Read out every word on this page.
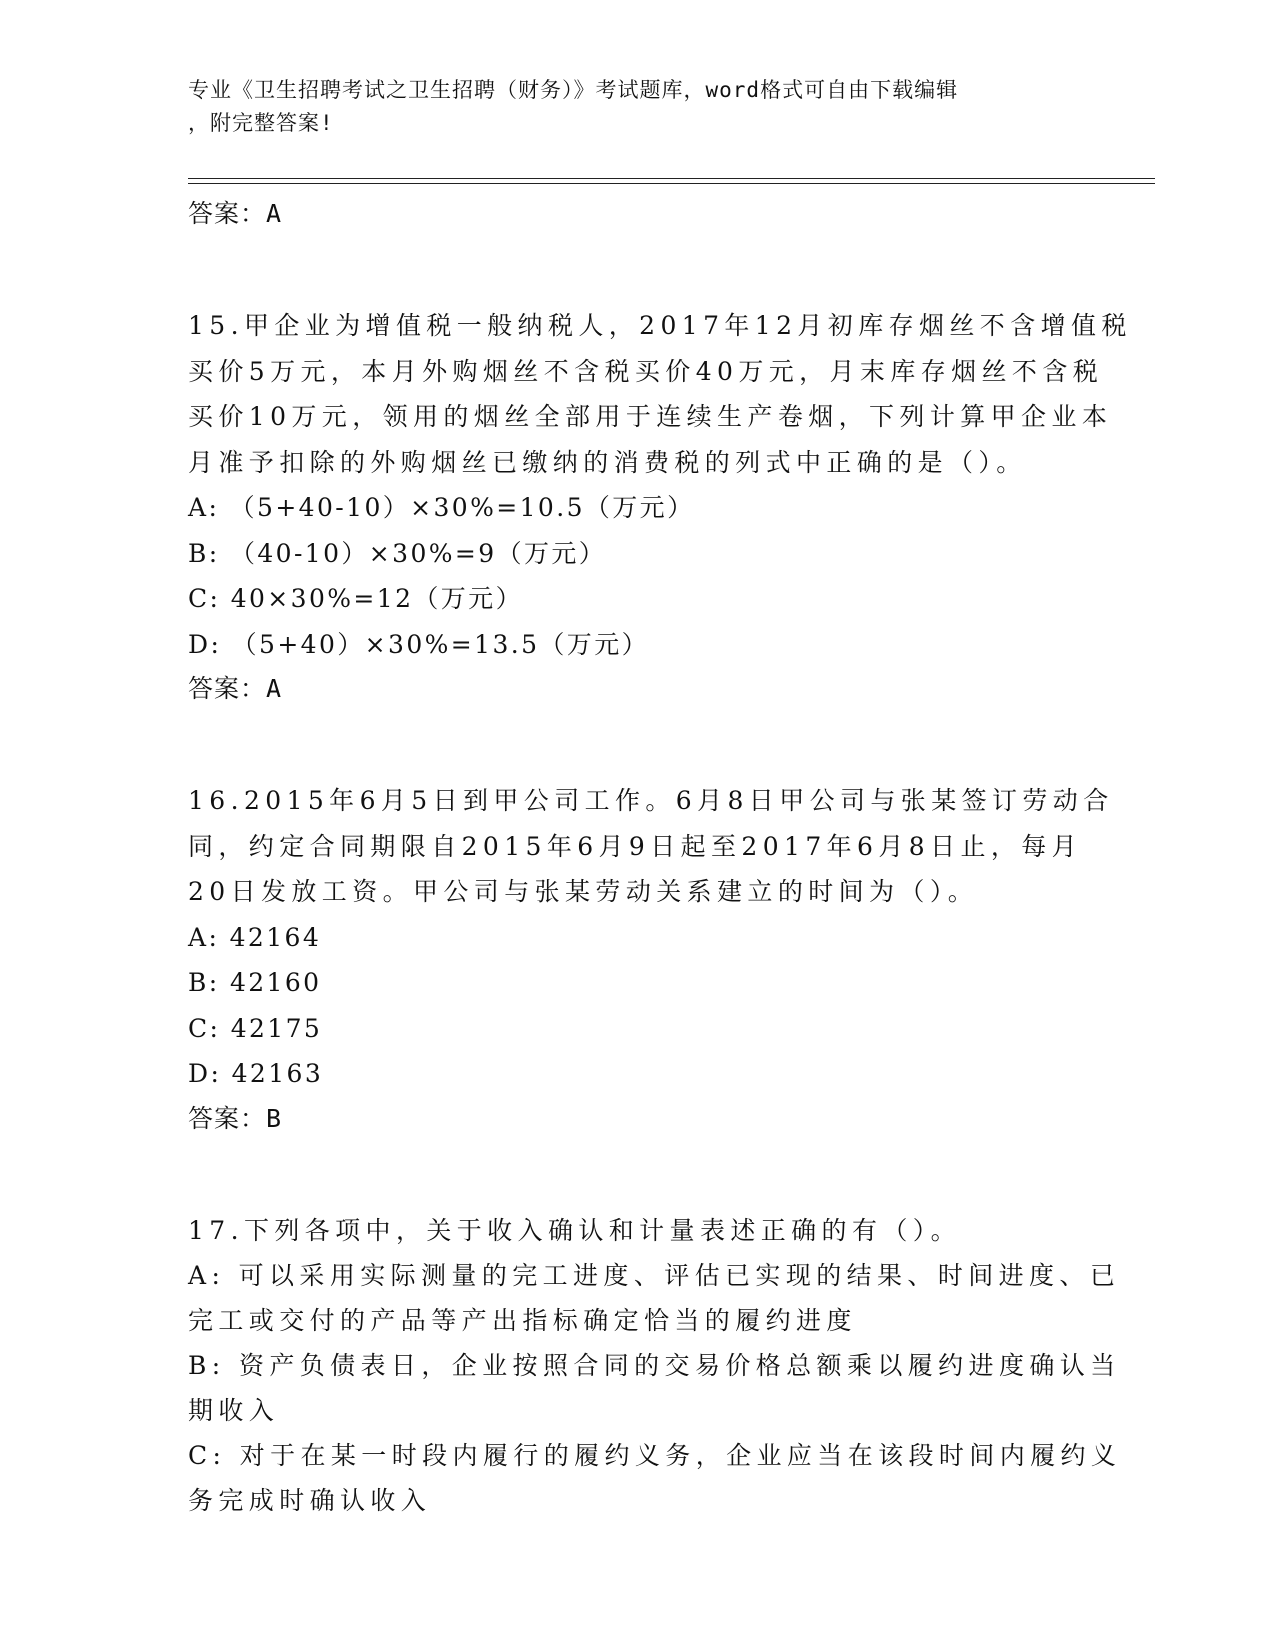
专业《卫生招聘考试之卫生招聘（财务）》考试题库，word格式可自由下载编辑

，附完整答案!

答案：A

15.甲企业为增值税一般纳税人，2017年12月初库存烟丝不含增值税

买价5万元，本月外购烟丝不含税买价40万元，月末库存烟丝不含税

买价10万元，领用的烟丝全部用于连续生产卷烟，下列计算甲企业本

月准予扣除的外购烟丝已缴纳的消费税的列式中正确的是（）。

A: （5+40-10）×30%=10.5（万元）

B: （40-10）×30%=9（万元）

C: 40×30%=12（万元）

D: （5+40）×30%=13.5（万元）

答案：A

16.2015年6月5日到甲公司工作。6月8日甲公司与张某签订劳动合

同，约定合同期限自2015年6月9日起至2017年6月8日止，每月

20日发放工资。甲公司与张某劳动关系建立的时间为（）。

A: 42164

B: 42160

C: 42175

D: 42163

答案：B

17.下列各项中，关于收入确认和计量表述正确的有（）。

A: 可以采用实际测量的完工进度、评估已实现的结果、时间进度、已

完工或交付的产品等产出指标确定恰当的履约进度

B: 资产负债表日，企业按照合同的交易价格总额乘以履约进度确认当

期收入

C: 对于在某一时段内履行的履约义务，企业应当在该段时间内履约义

务完成时确认收入
